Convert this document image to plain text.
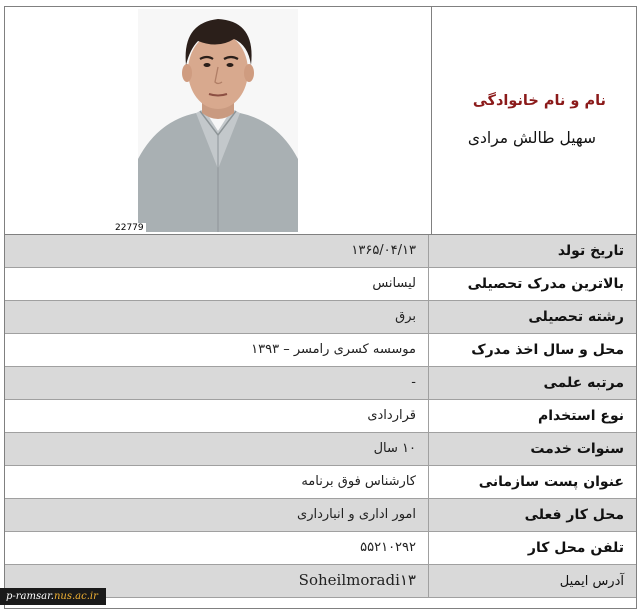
22779
نام و نام خانوادگی
سهیل طالش مرادی
تاریخ تولد
۱۳۶۵/۰۴/۱۳
بالاترین مدرک تحصیلی
لیسانس
رشته تحصیلی
برق
محل و سال اخذ مدرک
موسسه کسری رامسر – ۱۳۹۳
مرتبه علمی
-
نوع استخدام
قراردادی
سنوات خدمت
۱۰ سال
عنوان پست سازمانی
کارشناس فوق برنامه
محل کار فعلی
امور اداری و انبارداری
تلفن محل کار
۵۵۲۱۰۲۹۲
آدرس ایمیل
Soheilmoradi۱۳
p-ramsar.nus.ac.ir
